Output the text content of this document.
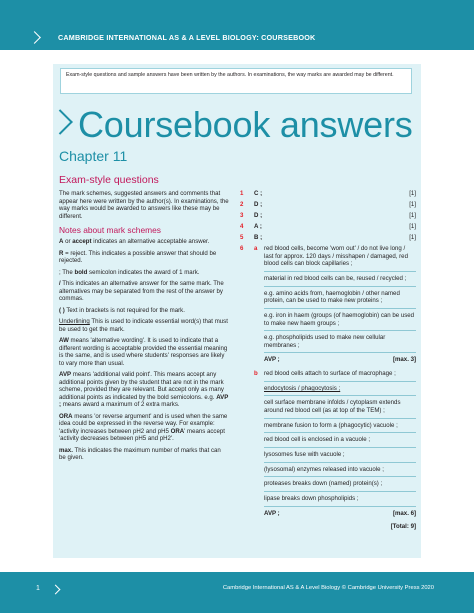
CAMBRIDGE INTERNATIONAL AS & A LEVEL BIOLOGY: COURSEBOOK
Exam-style questions and sample answers have been written by the authors. In examinations, the way marks are awarded may be different.
Coursebook answers
Chapter 11
Exam-style questions

The mark schemes, suggested answers and comments that appear here were written by the author(s). In examinations, the way marks would be awarded to answers like these may be different.

Notes about mark schemes

A or accept indicates an alternative acceptable answer.

R = reject. This indicates a possible answer that should be rejected.

; The bold semicolon indicates the award of 1 mark.

/ This indicates an alternative answer for the same mark. The alternatives may be separated from the rest of the answer by commas.

( ) Text in brackets is not required for the mark.

Underlining This is used to indicate essential word(s) that must be used to get the mark.

AW means 'alternative wording'. It is used to indicate that a different wording is acceptable provided the essential meaning is the same, and is used where students' responses are likely to vary more than usual.

AVP means 'additional valid point'. This means accept any additional points given by the student that are not in the mark scheme, provided they are relevant. But accept only as many additional points as indicated by the bold semicolons. e.g. AVP ; means award a maximum of 2 extra marks.

ORA means 'or reverse argument' and is used when the same idea could be expressed in the reverse way. For example: 'activity increases between pH2 and pH5 ORA' means accept 'activity decreases between pH5 and pH2'.

max. This indicates the maximum number of marks that can be given.

1	C ;	[1]
2	D ;	[1]
3	D ;	[1]
4	A ;	[1]
5	B ;	[1]
6	a	red blood cells, become 'worn out' / do not live long / last for approx. 120 days / misshapen / damaged, red blood cells can block capillaries ;
material in red blood cells can be, reused / recycled ;
e.g. amino acids from, haemoglobin / other named protein, can be used to make new proteins ;
e.g. iron in haem (groups (of haemoglobin) can be used to make new haem groups ;
e.g. phospholipids used to make new cellular membranes ;
AVP ;	[max. 3]
b	red blood cells attach to surface of macrophage ;
endocytosis / phagocytosis ;
cell surface membrane infolds / cytoplasm extends around red blood cell (as at top of the TEM) ;
membrane fusion to form a (phagocytic) vacuole ;
red blood cell is enclosed in a vacuole ;
lysosomes fuse with vacuole ;
(lysosomal) enzymes released into vacuole ;
proteases breaks down (named) protein(s) ;
lipase breaks down phospholipids ;
AVP ;	[max. 6]
[Total: 9]
1	Cambridge International AS & A Level Biology © Cambridge University Press 2020
